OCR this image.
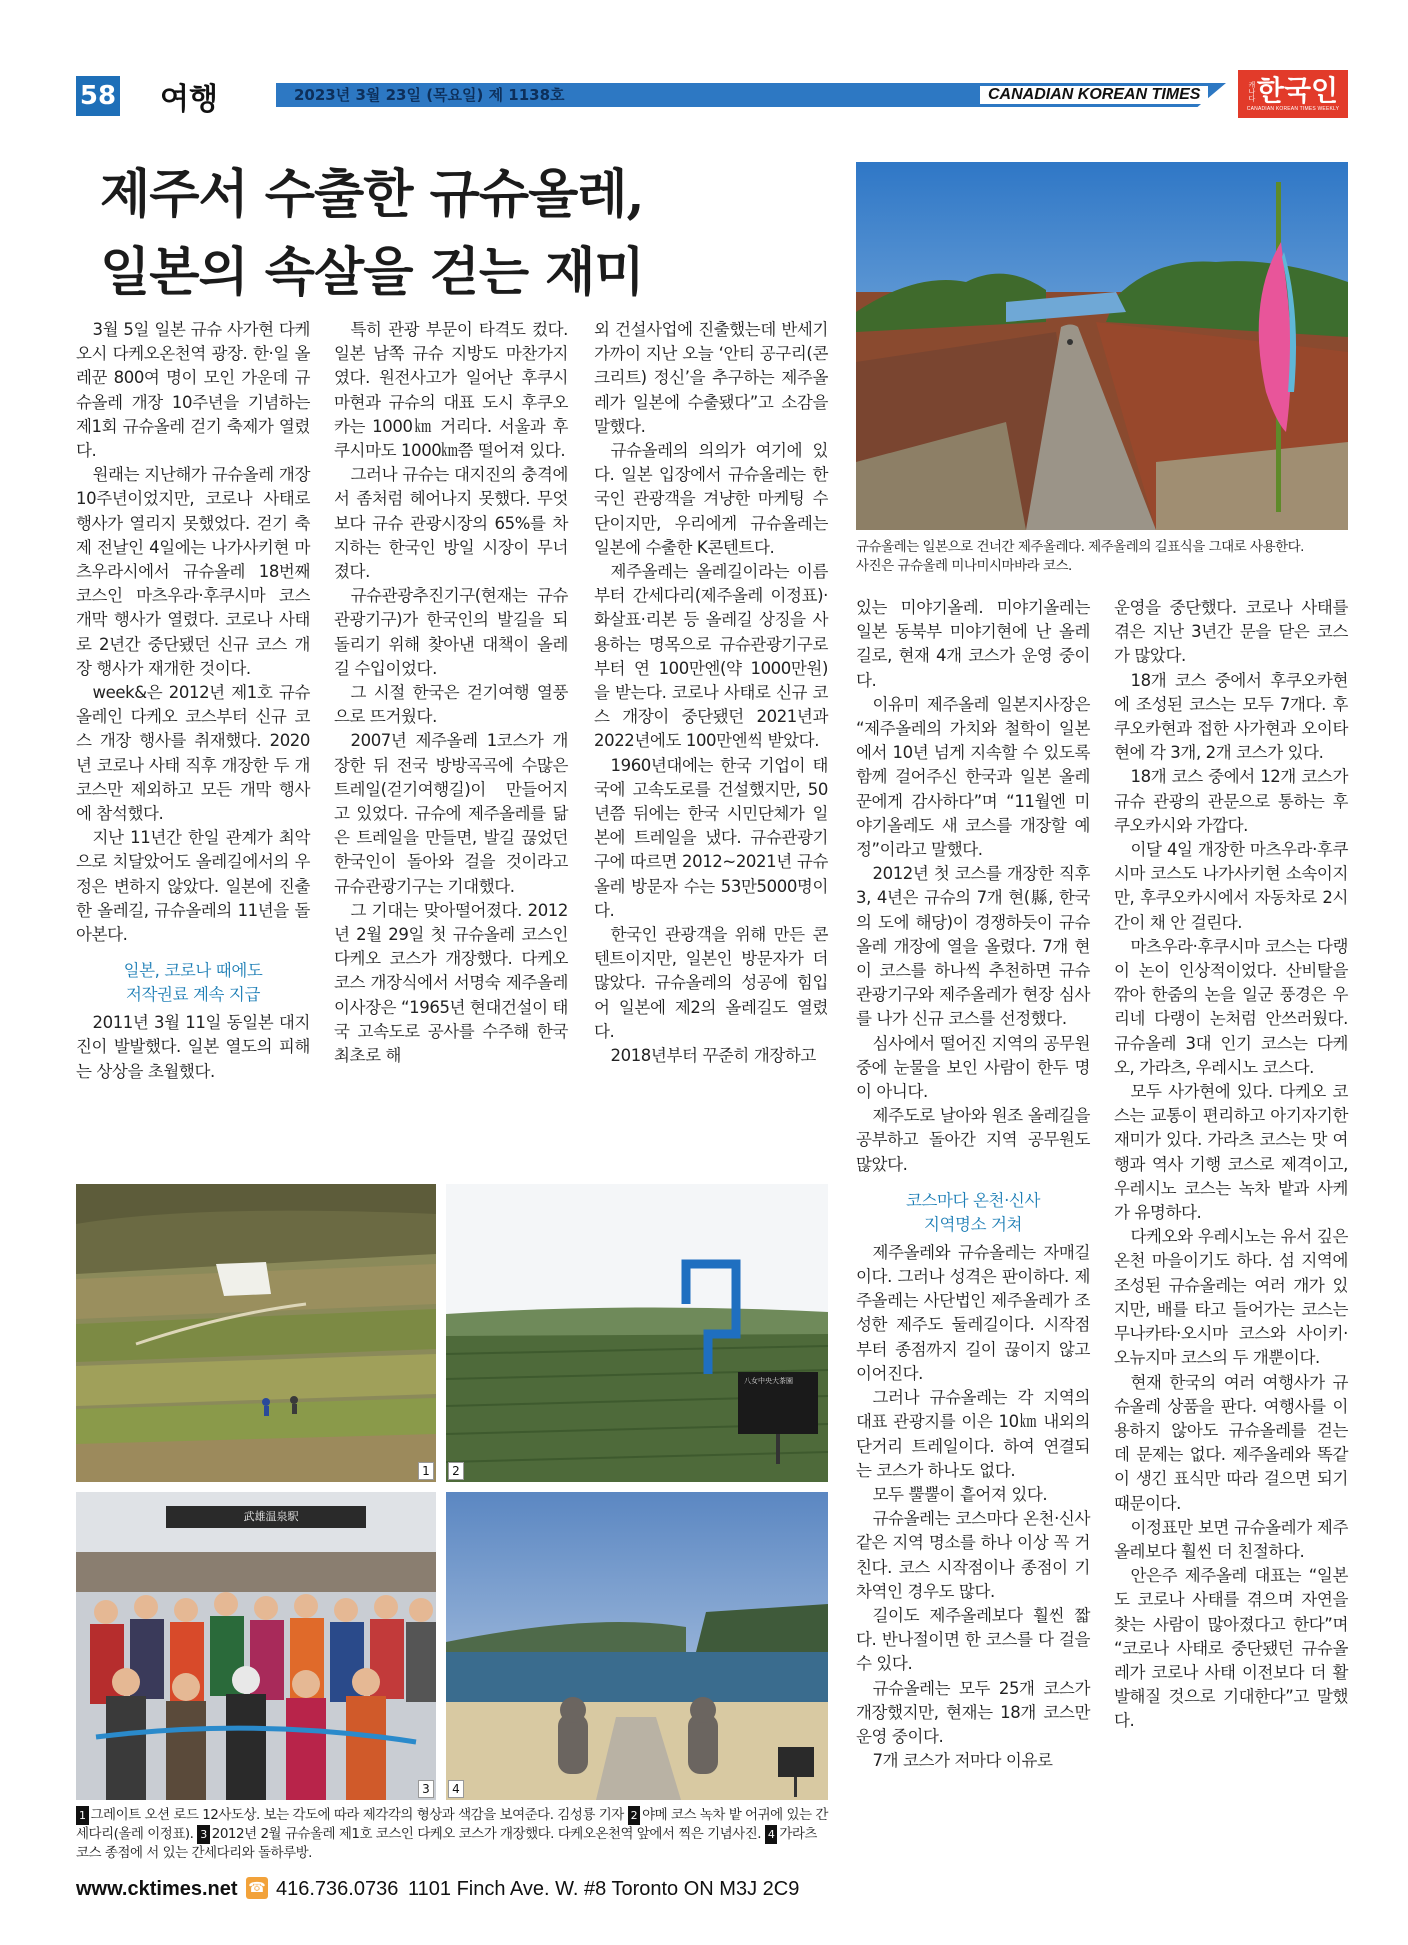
58 여행	2023년 3월 23일 (목요일) 제 1138호	CANADIAN KOREAN TIMES	캐나다 한국인
CANADIAN KOREAN TIMES WEEKLY
제주서 수출한 규슈올레,
일본의 속살을 걷는 재미
규슈올레는 일본으로 건너간 제주올레다. 제주올레의 길표식을 그대로 사용한다.
사진은 규슈올레 미나미시마바라 코스.

3월 5일 일본 규슈 사가현 다케오시 다케오온천역 광장. 한·일 올레꾼 800여 명이 모인 가운데 규슈올레 개장 10주년을 기념하는 제1회 규슈올레 걷기 축제가 열렸다.

원래는 지난해가 규슈올레 개장 10주년이었지만, 코로나 사태로 행사가 열리지 못했었다. 걷기 축제 전날인 4일에는 나가사키현 마츠우라시에서 규슈올레 18번째 코스인 마츠우라·후쿠시마 코스 개막 행사가 열렸다. 코로나 사태로 2년간 중단됐던 신규 코스 개장 행사가 재개한 것이다.

week&은 2012년 제1호 규슈올레인 다케오 코스부터 신규 코스 개장 행사를 취재했다. 2020년 코로나 사태 직후 개장한 두 개 코스만 제외하고 모든 개막 행사에 참석했다.

지난 11년간 한일 관계가 최악으로 치달았어도 올레길에서의 우정은 변하지 않았다. 일본에 진출한 올레길, 규슈올레의 11년을 돌아본다.

일본, 코로나 때에도
저작권료 계속 지급

2011년 3월 11일 동일본 대지진이 발발했다. 일본 열도의 피해는 상상을 초월했다.

특히 관광 부문이 타격도 컸다. 일본 남쪽 규슈 지방도 마찬가지였다. 원전사고가 일어난 후쿠시마현과 규슈의 대표 도시 후쿠오카는 1000㎞ 거리다. 서울과 후쿠시마도 1000㎞쯤 떨어져 있다.

그러나 규슈는 대지진의 충격에서 좀처럼 헤어나지 못했다. 무엇보다 규슈 관광시장의 65%를 차지하는 한국인 방일 시장이 무너졌다.

규슈관광추진기구(현재는 규슈관광기구)가 한국인의 발길을 되돌리기 위해 찾아낸 대책이 올레길 수입이었다.

그 시절 한국은 걷기여행 열풍으로 뜨거웠다.

2007년 제주올레 1코스가 개장한 뒤 전국 방방곡곡에 수많은 트레일(걷기여행길)이 만들어지고 있었다. 규슈에 제주올레를 닮은 트레일을 만들면, 발길 끊었던 한국인이 돌아와 걸을 것이라고 규슈관광기구는 기대했다.

그 기대는 맞아떨어졌다. 2012년 2월 29일 첫 규슈올레 코스인 다케오 코스가 개장했다. 다케오 코스 개장식에서 서명숙 제주올레 이사장은 “1965년 현대건설이 태국 고속도로 공사를 수주해 한국 최초로 해

외 건설사업에 진출했는데 반세기 가까이 지난 오늘 ‘안티 공구리(콘크리트) 정신’을 추구하는 제주올레가 일본에 수출됐다”고 소감을 말했다.

규슈올레의 의의가 여기에 있다. 일본 입장에서 규슈올레는 한국인 관광객을 겨냥한 마케팅 수단이지만, 우리에게 규슈올레는 일본에 수출한 K콘텐트다.

제주올레는 올레길이라는 이름부터 간세다리(제주올레 이정표)·화살표·리본 등 올레길 상징을 사용하는 명목으로 규슈관광기구로부터 연 100만엔(약 1000만원)을 받는다. 코로나 사태로 신규 코스 개장이 중단됐던 2021년과 2022년에도 100만엔씩 받았다.

1960년대에는 한국 기업이 태국에 고속도로를 건설했지만, 50년쯤 뒤에는 한국 시민단체가 일본에 트레일을 냈다. 규슈관광기구에 따르면 2012~2021년 규슈올레 방문자 수는 53만5000명이다.

한국인 관광객을 위해 만든 콘텐트이지만, 일본인 방문자가 더 많았다. 규슈올레의 성공에 힘입어 일본에 제2의 올레길도 열렸다.

2018년부터 꾸준히 개장하고

있는 미야기올레. 미야기올레는 일본 동북부 미야기현에 난 올레길로, 현재 4개 코스가 운영 중이다.

이유미 제주올레 일본지사장은 “제주올레의 가치와 철학이 일본에서 10년 넘게 지속할 수 있도록 함께 걸어주신 한국과 일본 올레꾼에게 감사하다”며 “11월엔 미야기올레도 새 코스를 개장할 예정”이라고 말했다.

2012년 첫 코스를 개장한 직후 3, 4년은 규슈의 7개 현(縣, 한국의 도에 해당)이 경쟁하듯이 규슈올레 개장에 열을 올렸다. 7개 현이 코스를 하나씩 추천하면 규슈관광기구와 제주올레가 현장 심사를 나가 신규 코스를 선정했다.

심사에서 떨어진 지역의 공무원 중에 눈물을 보인 사람이 한두 명이 아니다.

제주도로 날아와 원조 올레길을 공부하고 돌아간 지역 공무원도 많았다.

코스마다 온천·신사
지역명소 거쳐

제주올레와 규슈올레는 자매길이다. 그러나 성격은 판이하다. 제주올레는 사단법인 제주올레가 조성한 제주도 둘레길이다. 시작점부터 종점까지 길이 끊이지 않고 이어진다.

그러나 규슈올레는 각 지역의 대표 관광지를 이은 10㎞ 내외의 단거리 트레일이다. 하여 연결되는 코스가 하나도 없다.

모두 뿔뿔이 흩어져 있다.

규슈올레는 코스마다 온천·신사 같은 지역 명소를 하나 이상 꼭 거친다. 코스 시작점이나 종점이 기차역인 경우도 많다.

길이도 제주올레보다 훨씬 짧다. 반나절이면 한 코스를 다 걸을 수 있다.

규슈올레는 모두 25개 코스가 개장했지만, 현재는 18개 코스만 운영 중이다.

7개 코스가 저마다 이유로

운영을 중단했다. 코로나 사태를 겪은 지난 3년간 문을 닫은 코스가 많았다.

18개 코스 중에서 후쿠오카현에 조성된 코스는 모두 7개다. 후쿠오카현과 접한 사가현과 오이타현에 각 3개, 2개 코스가 있다.

18개 코스 중에서 12개 코스가 규슈 관광의 관문으로 통하는 후쿠오카시와 가깝다.

이달 4일 개장한 마츠우라·후쿠시마 코스도 나가사키현 소속이지만, 후쿠오카시에서 자동차로 2시간이 채 안 걸린다.

마츠우라·후쿠시마 코스는 다랭이 논이 인상적이었다. 산비탈을 깎아 한줌의 논을 일군 풍경은 우리네 다랭이 논처럼 안쓰러웠다. 규슈올레 3대 인기 코스는 다케오, 가라츠, 우레시노 코스다.

모두 사가현에 있다. 다케오 코스는 교통이 편리하고 아기자기한 재미가 있다. 가라츠 코스는 맛 여행과 역사 기행 코스로 제격이고, 우레시노 코스는 녹차 밭과 사케가 유명하다.

다케오와 우레시노는 유서 깊은 온천 마을이기도 하다. 섬 지역에 조성된 규슈올레는 여러 개가 있지만, 배를 타고 들어가는 코스는 무나카타·오시마 코스와 사이키·오뉴지마 코스의 두 개뿐이다.

현재 한국의 여러 여행사가 규슈올레 상품을 판다. 여행사를 이용하지 않아도 규슈올레를 걷는 데 문제는 없다. 제주올레와 똑같이 생긴 표식만 따라 걸으면 되기 때문이다.

이정표만 보면 규슈올레가 제주올레보다 훨씬 더 친절하다.

안은주 제주올레 대표는 “일본도 코로나 사태를 겪으며 자연을 찾는 사람이 많아졌다고 한다”며 “코로나 사태로 중단됐던 규슈올레가 코로나 사태 이전보다 더 활발해질 것으로 기대한다”고 말했다.

1
八女中央大茶園
2
武雄温泉駅
3	4
1 그레이트 오션 로드 12사도상. 보는 각도에 따라 제각각의 형상과 색감을 보여준다. 김성룡 기자 2 야메 코스 녹차 밭 어귀에 있는 간세다리(올레 이정표). 3 2012년 2월 규슈올레 제1호 코스인 다케오 코스가 개장했다. 다케오온천역 앞에서 찍은 기념사진. 4 가라츠 코스 종점에 서 있는 간세다리와 돌하루방.
www.cktimes.net ☎ 416.736.0736 1101 Finch Ave. W. #8 Toronto ON M3J 2C9
